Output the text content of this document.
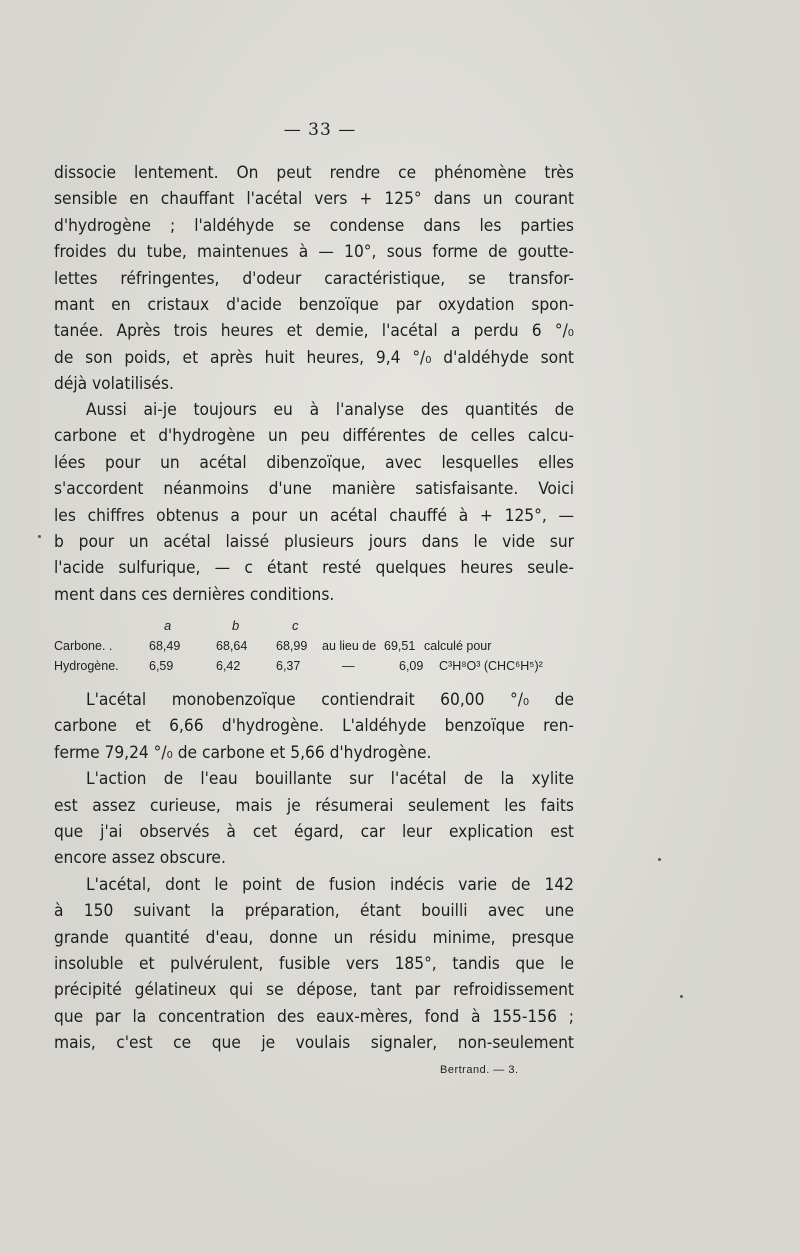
— 33 —
dissocie lentement. On peut rendre ce phénomène très
sensible en chauffant l'acétal vers + 125° dans un courant
d'hydrogène ; l'aldéhyde se condense dans les parties
froides du tube, maintenues à — 10°, sous forme de goutte-
lettes réfringentes, d'odeur caractéristique, se transfor-
mant en cristaux d'acide benzoïque par oxydation spon-
tanée. Après trois heures et demie, l'acétal a perdu 6 °/₀
de son poids, et après huit heures, 9,4 °/₀ d'aldéhyde sont
déjà volatilisés.
Aussi ai-je toujours eu à l'analyse des quantités de
carbone et d'hydrogène un peu différentes de celles calcu-
lées pour un acétal dibenzoïque, avec lesquelles elles
s'accordent néanmoins d'une manière satisfaisante. Voici
les chiffres obtenus a pour un acétal chauffé à + 125°, —
b pour un acétal laissé plusieurs jours dans le vide sur
l'acide sulfurique, — c étant resté quelques heures seule-
ment dans ces dernières conditions.
a	b	c
Carbone. .	68,49	68,64 68,99 au lieu de 69,51 calculé pour
Hydrogène. 6,59	6,42	6,37	—	6,09 C³H⁸O³ (CHC⁶H⁵)²
L'acétal monobenzoïque contiendrait 60,00 °/₀ de
carbone et 6,66 d'hydrogène. L'aldéhyde benzoïque ren-
ferme 79,24 °/₀ de carbone et 5,66 d'hydrogène.
L'action de l'eau bouillante sur l'acétal de la xylite
est assez curieuse, mais je résumerai seulement les faits
que j'ai observés à cet égard, car leur explication est
encore assez obscure.
L'acétal, dont le point de fusion indécis varie de 142
à 150 suivant la préparation, étant bouilli avec une
grande quantité d'eau, donne un résidu minime, presque
insoluble et pulvérulent, fusible vers 185°, tandis que le
précipité gélatineux qui se dépose, tant par refroidissement
que par la concentration des eaux-mères, fond à 155-156 ;
mais, c'est ce que je voulais signaler, non-seulement
Bertrand. — 3.
